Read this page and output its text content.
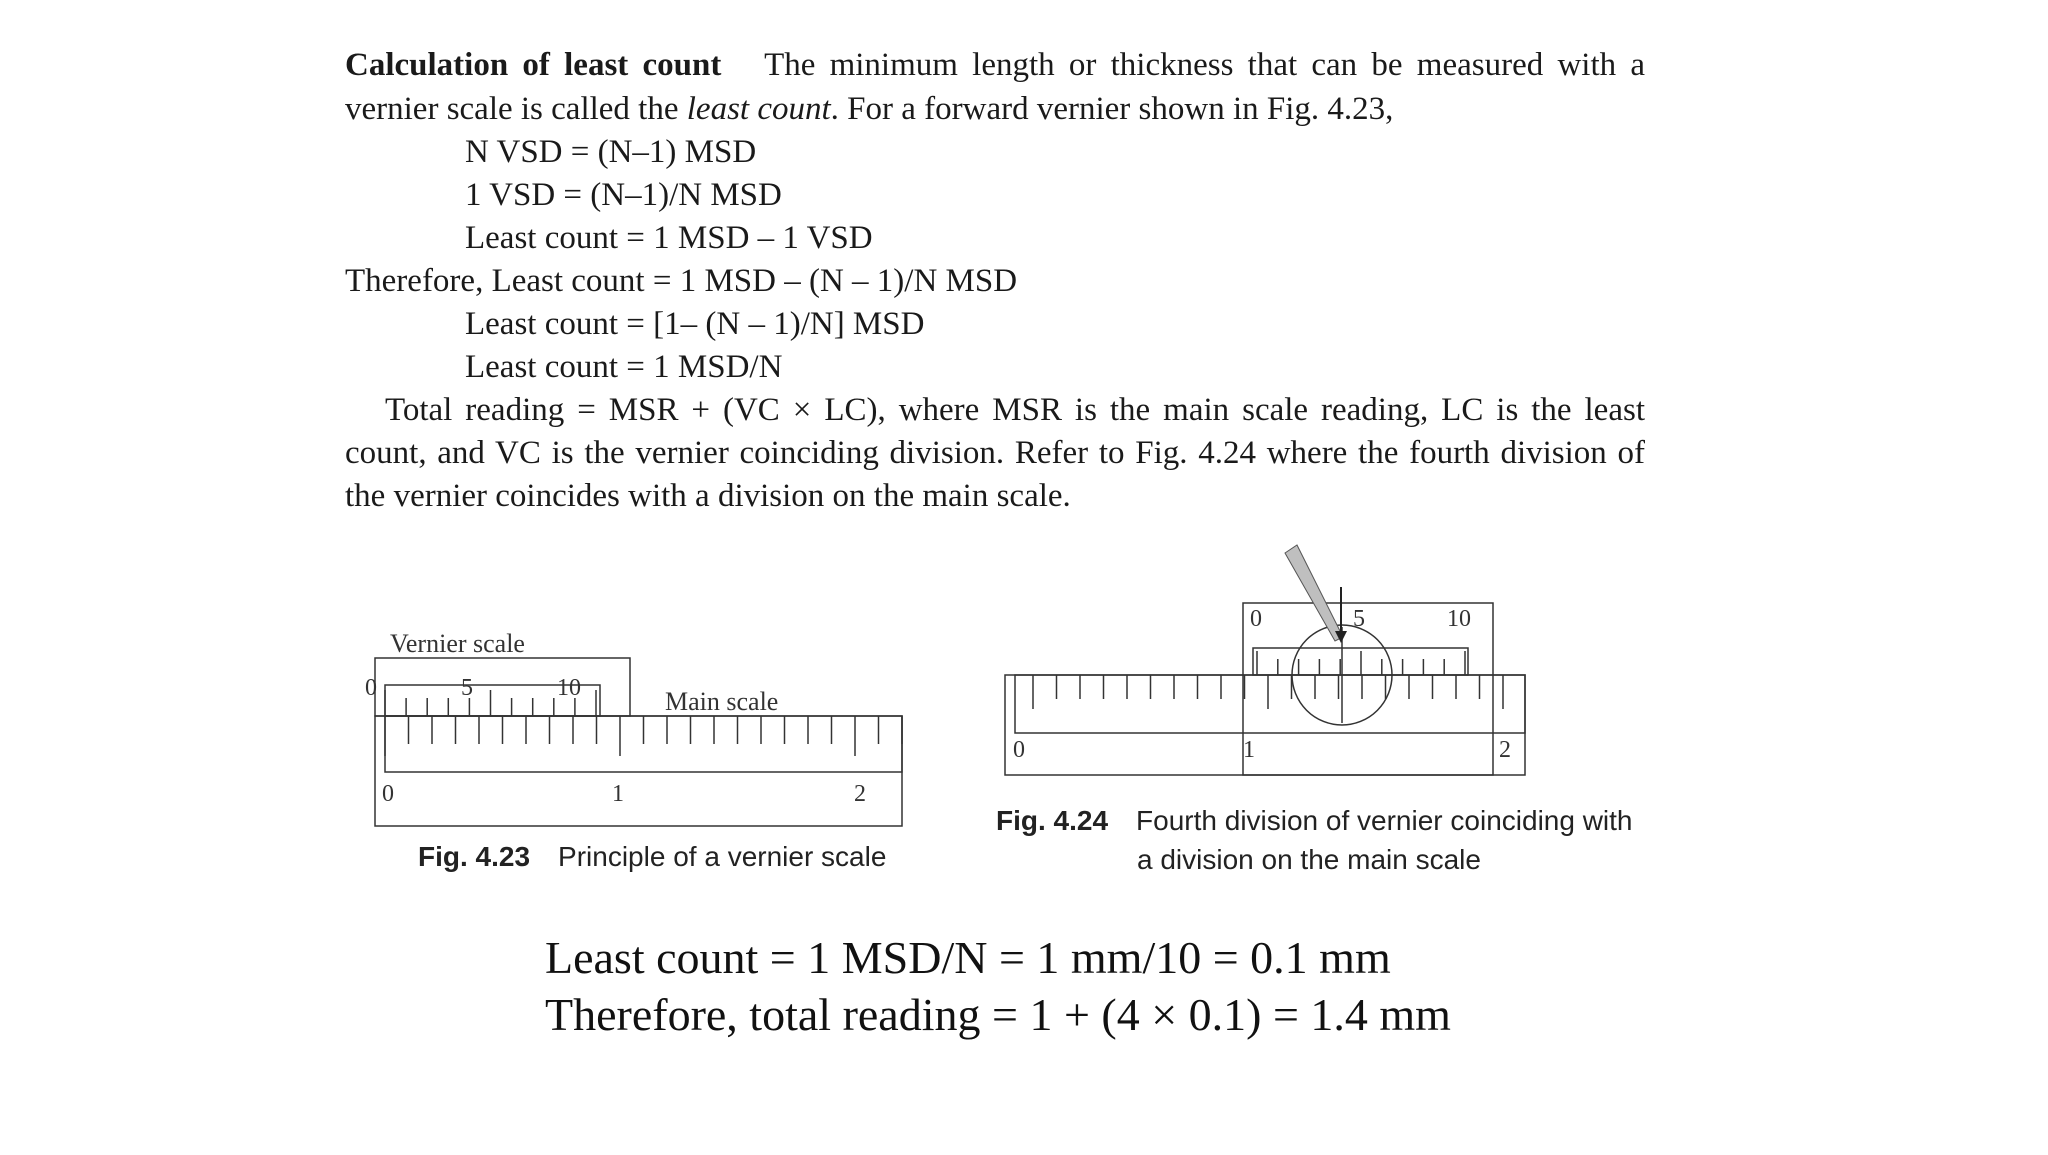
Calculation of least count The minimum length or thickness that can be measured with a
vernier scale is called the least count. For a forward vernier shown in Fig. 4.23,
N VSD = (N–1) MSD
1 VSD = (N–1)/N MSD
Least count = 1 MSD – 1 VSD
Therefore, Least count = 1 MSD – (N – 1)/N MSD
Least count = [1– (N – 1)/N] MSD
Least count = 1 MSD/N
Total reading = MSR + (VC × LC), where MSR is the main scale reading, LC is the least
count, and VC is the vernier coinciding division. Refer to Fig. 4.24 where the fourth division of
the vernier coincides with a division on the main scale.
Vernier scale
0	5	10	Main scale
0	1	2
Fig. 4.23 Principle of a vernier scale
0	5	10
0	1	2
Fig. 4.24 Fourth division of vernier coinciding with
a division on the main scale
Least count = 1 MSD/N = 1 mm/10 = 0.1 mm
Therefore, total reading = 1 + (4 × 0.1) = 1.4 mm
